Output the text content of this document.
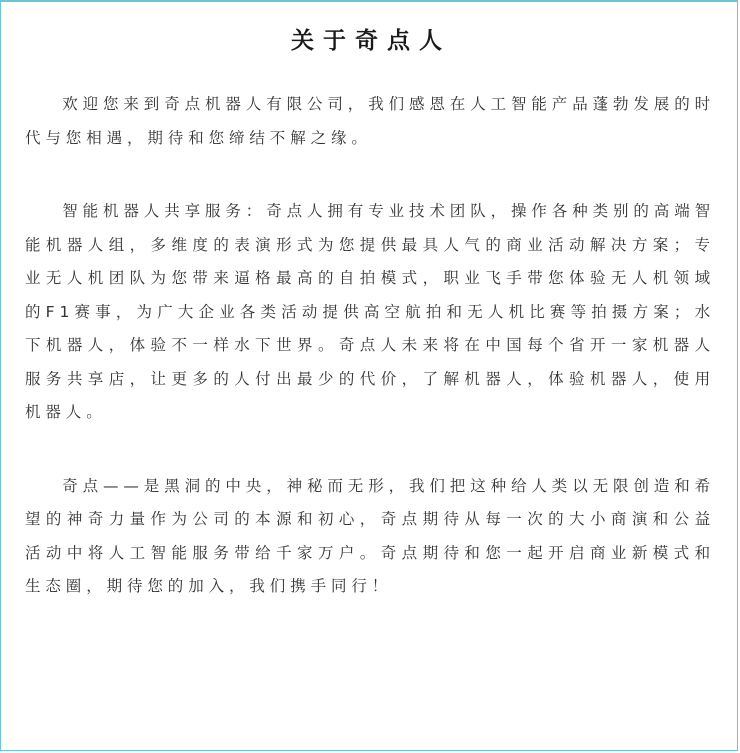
关于奇点人

欢迎您来到奇点机器人有限公司，我们感恩在人工智能产品蓬勃发展的时代与您相遇，期待和您缔结不解之缘。

智能机器人共享服务：奇点人拥有专业技术团队，操作各种类别的高端智能机器人组，多维度的表演形式为您提供最具人气的商业活动解决方案；专业无人机团队为您带来逼格最高的自拍模式，职业飞手带您体验无人机领域的F1赛事，为广大企业各类活动提供高空航拍和无人机比赛等拍摄方案；水下机器人，体验不一样水下世界。奇点人未来将在中国每个省开一家机器人服务共享店，让更多的人付出最少的代价，了解机器人，体验机器人，使用机器人。

奇点——是黑洞的中央，神秘而无形，我们把这种给人类以无限创造和希望的神奇力量作为公司的本源和初心，奇点期待从每一次的大小商演和公益活动中将人工智能服务带给千家万户。奇点期待和您一起开启商业新模式和生态圈，期待您的加入，我们携手同行！
